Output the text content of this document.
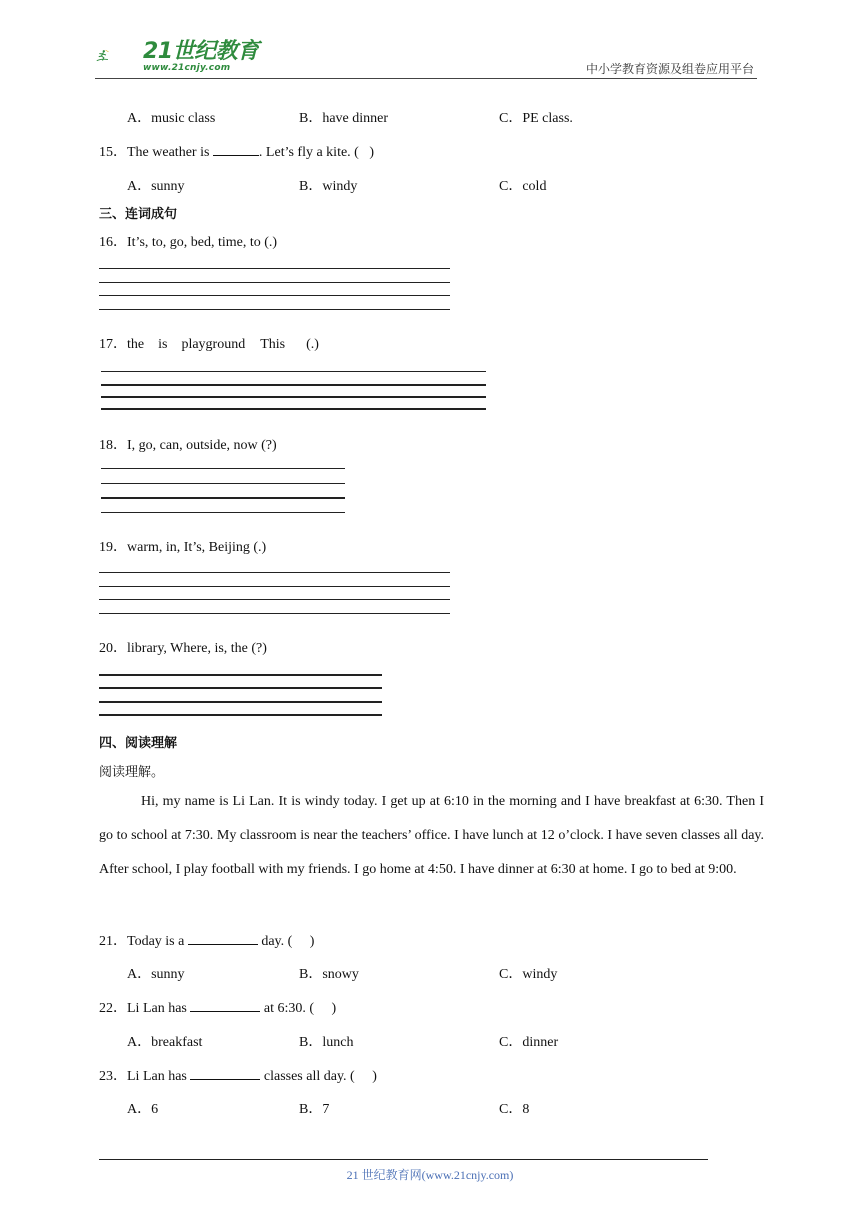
21世纪教育
www.21cnjy.com	中小学教育资源及组卷应用平台
A．music class	B．have dinner	C．PE class.
15．The weather is	. Let’s fly a kite. (   )
A．sunny	B．windy	C．cold
三、连词成句
16．It’s, to, go, bed, time, to (.)
17．the is playground This (.)
18．I, go, can, outside, now (?)
19．warm, in, It’s, Beijing (.)
20．library, Where, is, the (?)
四、阅读理解
阅读理解。
Hi, my name is Li Lan. It is windy today. I get up at 6:10 in the morning and I have breakfast at 6:30. Then I go to school at 7:30. My classroom is near the teachers’ office. I have lunch at 12 o’clock. I have seven classes all day. After school, I play football with my friends. I go home at 4:50. I have dinner at 6:30 at home. I go to bed at 9:00.
21．Today is a	day. (     )
A．sunny	B．snowy	C．windy
22．Li Lan has	at 6:30. (     )
A．breakfast	B．lunch	C．dinner
23．Li Lan has	classes all day. (     )
A．6	B．7	C．8
21 世纪教育网(www.21cnjy.com)
